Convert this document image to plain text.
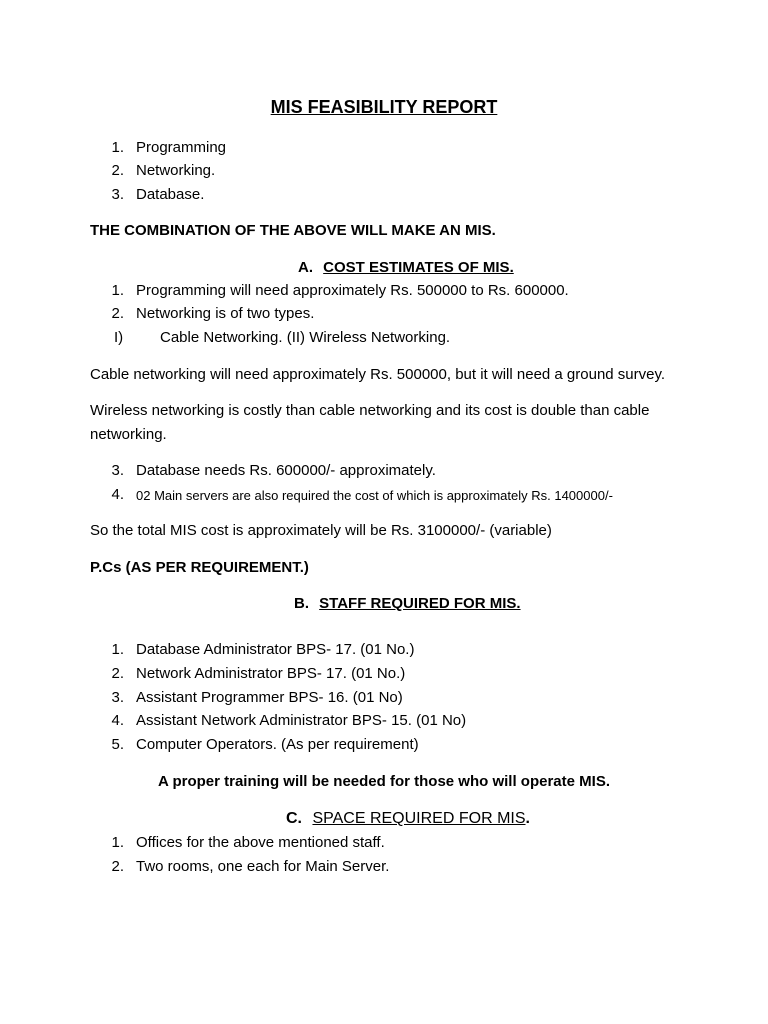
MIS FEASIBILITY REPORT
1. Programming
2. Networking.
3. Database.
THE COMBINATION OF THE ABOVE WILL MAKE AN MIS.
A. COST ESTIMATES OF MIS.
1. Programming will need approximately Rs. 500000 to Rs. 600000.
2. Networking is of two types.
I) Cable Networking. (II) Wireless Networking.
Cable networking will need approximately Rs. 500000, but it will need a ground survey.
Wireless networking is costly than cable networking and its cost is double than cable networking.
3. Database needs Rs. 600000/- approximately.
4. 02 Main servers are also required the cost of which is approximately Rs. 1400000/-
So the total MIS cost is approximately will be Rs. 3100000/- (variable)
P.Cs (AS PER REQUIREMENT.)
B. STAFF REQUIRED FOR MIS.
1. Database Administrator BPS- 17. (01 No.)
2. Network Administrator BPS- 17. (01 No.)
3. Assistant Programmer BPS- 16. (01 No)
4. Assistant Network Administrator BPS- 15. (01 No)
5. Computer Operators. (As per requirement)
A proper training will be needed for those who will operate MIS.
C. SPACE REQUIRED FOR MIS.
1. Offices for the above mentioned staff.
2. Two rooms, one each for Main Server.
